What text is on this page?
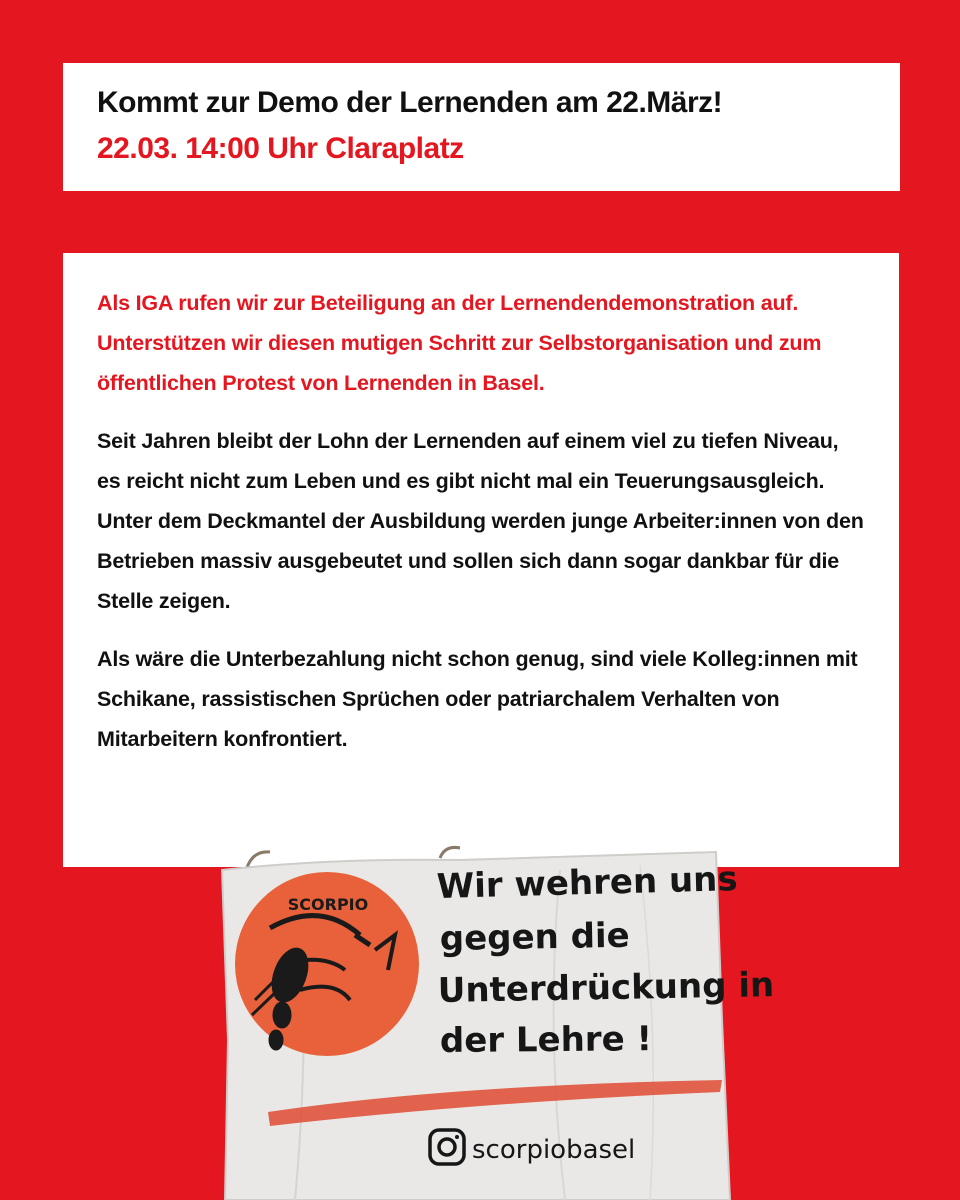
Kommt zur Demo der Lernenden am 22.März!
22.03. 14:00 Uhr Claraplatz

Als IGA rufen wir zur Beteiligung an der Lernendendemonstration auf. Unterstützen wir diesen mutigen Schritt zur Selbstorganisation und zum öffentlichen Protest von Lernenden in Basel.

Seit Jahren bleibt der Lohn der Lernenden auf einem viel zu tiefen Niveau, es reicht nicht zum Leben und es gibt nicht mal ein Teuerungsausgleich. Unter dem Deckmantel der Ausbildung werden junge Arbeiter:innen von den Betrieben massiv ausgebeutet und sollen sich dann sogar dankbar für die Stelle zeigen.

Als wäre die Unterbezahlung nicht schon genug, sind viele Kolleg:innen mit Schikane, rassistischen Sprüchen oder patriarchalem Verhalten von Mitarbeitern konfrontiert.

SCORPIO Wir wehren uns
gegen die
Unterdrückung in
der Lehre !
scorpiobasel
